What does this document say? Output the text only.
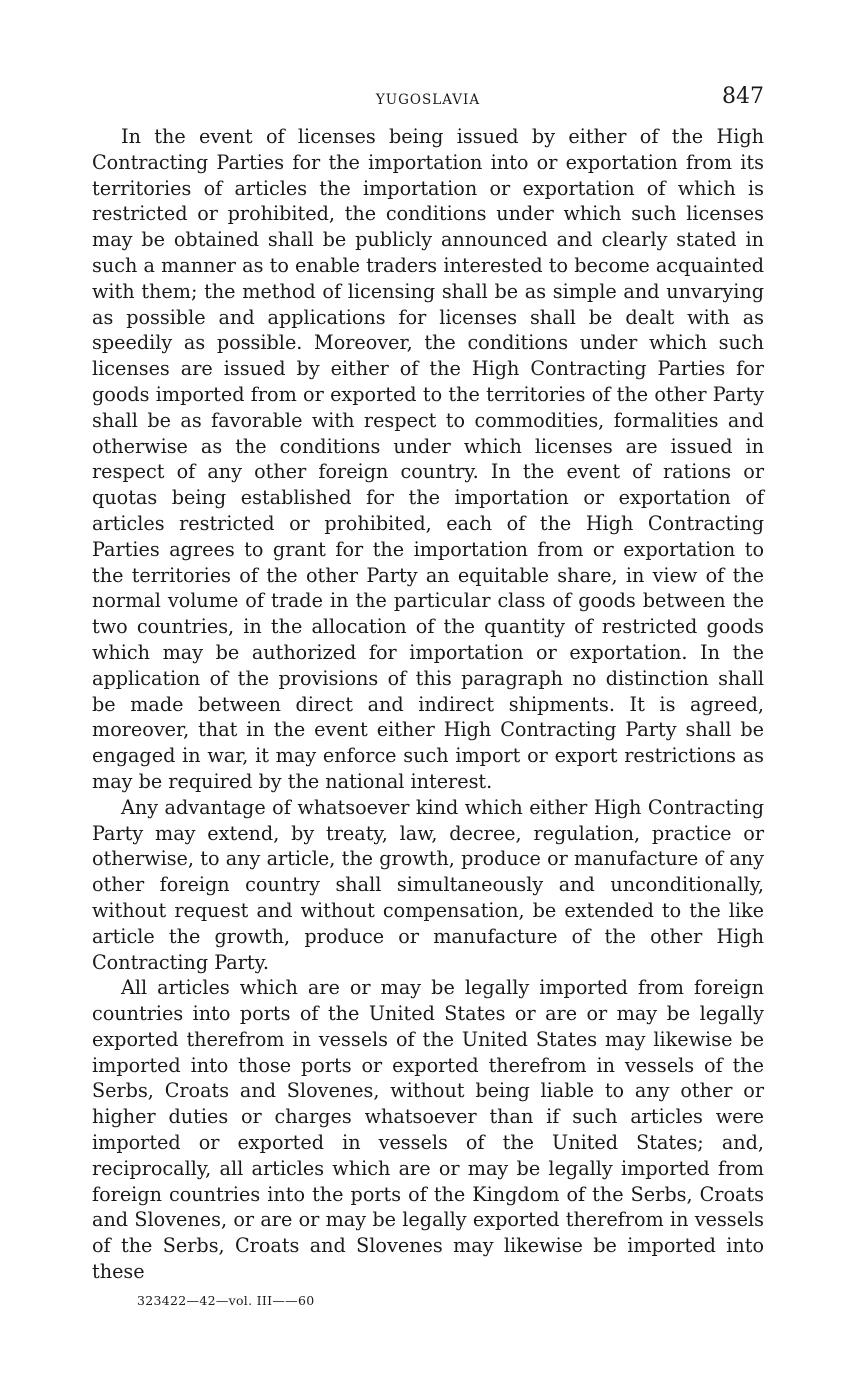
YUGOSLAVIA	847

In the event of licenses being issued by either of the High Contracting Parties for the importation into or exportation from its territories of articles the importation or exportation of which is restricted or prohibited, the conditions under which such licenses may be obtained shall be publicly announced and clearly stated in such a manner as to enable traders interested to become acquainted with them; the method of licensing shall be as simple and unvarying as possible and applications for licenses shall be dealt with as speedily as possible. Moreover, the conditions under which such licenses are issued by either of the High Contracting Parties for goods imported from or exported to the territories of the other Party shall be as favorable with respect to commodities, formalities and otherwise as the conditions under which licenses are issued in respect of any other foreign country. In the event of rations or quotas being established for the importation or exportation of articles restricted or prohibited, each of the High Contracting Parties agrees to grant for the importation from or exportation to the territories of the other Party an equitable share, in view of the normal volume of trade in the particular class of goods between the two countries, in the allocation of the quantity of restricted goods which may be authorized for importation or exportation. In the application of the provisions of this paragraph no distinction shall be made between direct and indirect shipments. It is agreed, moreover, that in the event either High Contracting Party shall be engaged in war, it may enforce such import or export restrictions as may be required by the national interest.

Any advantage of whatsoever kind which either High Contracting Party may extend, by treaty, law, decree, regulation, practice or otherwise, to any article, the growth, produce or manufacture of any other foreign country shall simultaneously and unconditionally, without request and without compensation, be extended to the like article the growth, produce or manufacture of the other High Contracting Party.

All articles which are or may be legally imported from foreign countries into ports of the United States or are or may be legally exported therefrom in vessels of the United States may likewise be imported into those ports or exported therefrom in vessels of the Serbs, Croats and Slovenes, without being liable to any other or higher duties or charges whatsoever than if such articles were imported or exported in vessels of the United States; and, reciprocally, all articles which are or may be legally imported from foreign countries into the ports of the Kingdom of the Serbs, Croats and Slovenes, or are or may be legally exported therefrom in vessels of the Serbs, Croats and Slovenes may likewise be imported into these

323422—42—vol. III——60
